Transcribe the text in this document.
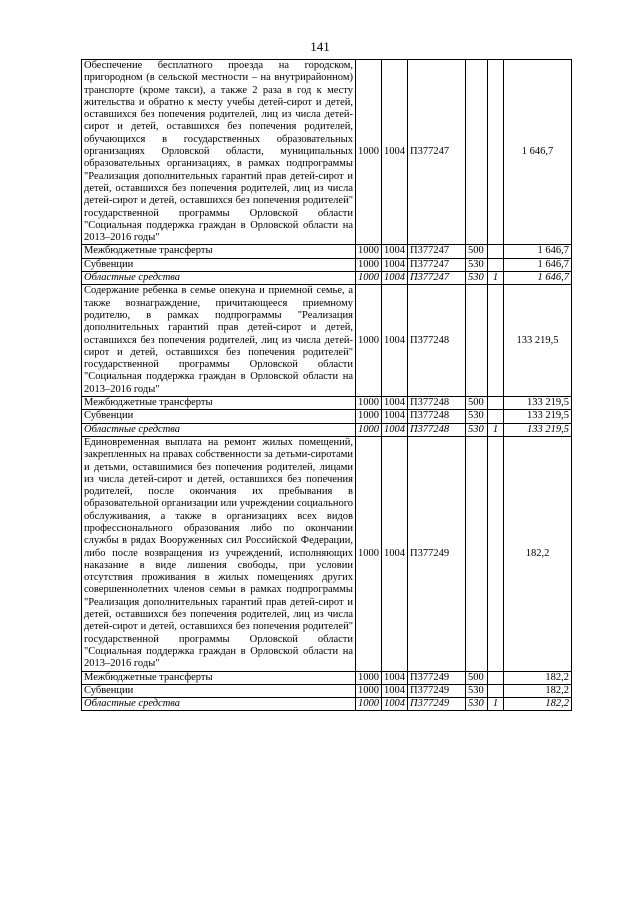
141
Обеспечение бесплатного проезда на городском, пригородном (в сельской местности – на внутрирайонном) транспорте (кроме такси), а также 2 раза в год к месту жительства и обратно к месту учебы детей-сирот и детей, оставшихся без попечения родителей, лиц из числа детей-сирот и детей, оставшихся без попечения родителей, обучающихся в государственных образовательных организациях Орловской области, муниципальных образовательных организациях, в рамках подпрограммы "Реализация дополнительных гарантий прав детей-сирот и детей, оставшихся без попечения родителей, лиц из числа детей-сирот и детей, оставшихся без попечения родителей" государственной программы Орловской области "Социальная поддержка граждан в Орловской области на 2013–2016 годы"	1000	1004	П377247			1 646,7
Межбюджетные трансферты	1000	1004	П377247	500		1 646,7
Субвенции	1000	1004	П377247	530		1 646,7
Областные средства	1000	1004	П377247	530	1	1 646,7
Содержание ребенка в семье опекуна и приемной семье, а также вознаграждение, причитающееся приемному родителю, в рамках подпрограммы "Реализация дополнительных гарантий прав детей-сирот и детей, оставшихся без попечения родителей, лиц из числа детей-сирот и детей, оставшихся без попечения родителей" государственной программы Орловской области "Социальная поддержка граждан в Орловской области на 2013–2016 годы"	1000	1004	П377248			133 219,5
Межбюджетные трансферты	1000	1004	П377248	500		133 219,5
Субвенции	1000	1004	П377248	530		133 219,5
Областные средства	1000	1004	П377248	530	1	133 219,5
Единовременная выплата на ремонт жилых помещений, закрепленных на правах собственности за детьми-сиротами и детьми, оставшимися без попечения родителей, лицами из числа детей-сирот и детей, оставшихся без попечения родителей, после окончания их пребывания в образовательной организации или учреждении социального обслуживания, а также в организациях всех видов профессионального образования либо по окончании службы в рядах Вооруженных сил Российской Федерации, либо после возвращения из учреждений, исполняющих наказание в виде лишения свободы, при условии отсутствия проживания в жилых помещениях других совершеннолетних членов семьи в рамках подпрограммы "Реализация дополнительных гарантий прав детей-сирот и детей, оставшихся без попечения родителей, лиц из числа детей-сирот и детей, оставшихся без попечения родителей" государственной программы Орловской области "Социальная поддержка граждан в Орловской области на 2013–2016 годы"	1000	1004	П377249			182,2
Межбюджетные трансферты	1000	1004	П377249	500		182,2
Субвенции	1000	1004	П377249	530		182,2
Областные средства	1000	1004	П377249	530	1	182,2
